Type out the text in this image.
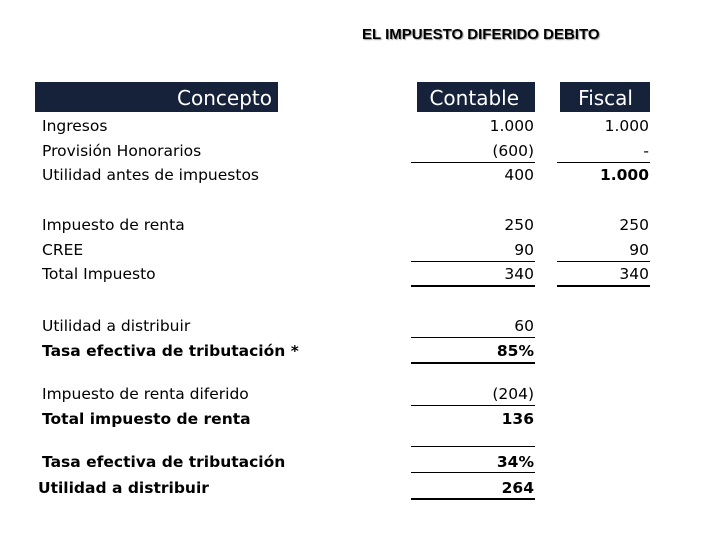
EL IMPUESTO DIFERIDO DEBITO
Concepto	Contable	Fiscal
Ingresos	1.000	1.000
Provisión Honorarios	(600)	-
Utilidad antes de impuestos	400	1.000
Impuesto de renta	250	250
CREE	90	90
Total Impuesto	340	340
Utilidad a distribuir	60
Tasa efectiva de tributación *	85%
Impuesto de renta diferido	(204)
Total impuesto de renta	136
Tasa efectiva de tributación	34%
Utilidad a distribuir	264
